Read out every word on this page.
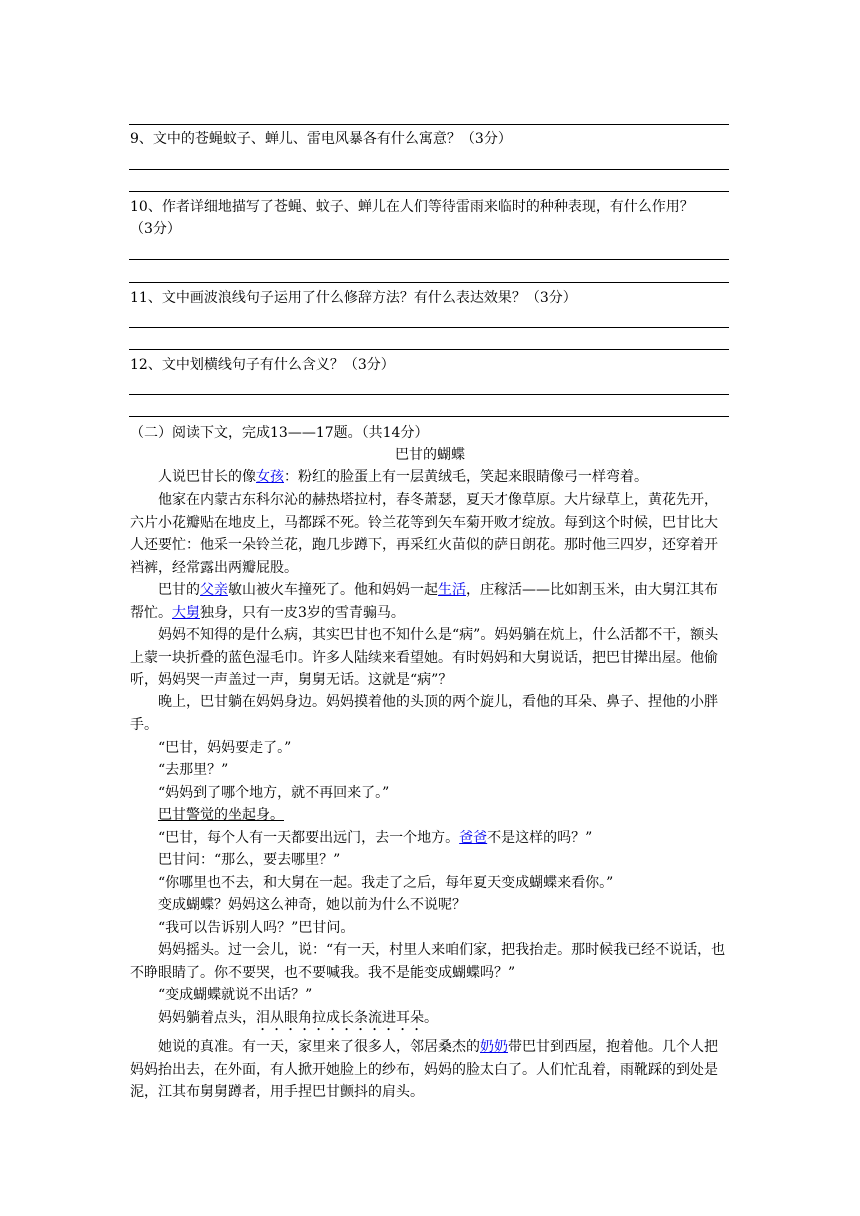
9、文中的苍蝇蚊子、蝉儿、雷电风暴各有什么寓意？（3分）
10、作者详细地描写了苍蝇、蚊子、蝉儿在人们等待雷雨来临时的种种表现，有什么作用？
（3分）
11、文中画波浪线句子运用了什么修辞方法？有什么表达效果？（3分）
12、文中划横线句子有什么含义？（3分）
（二）阅读下文，完成13——17题。（共14分）
巴甘的蝴蝶
人说巴甘长的像女孩：粉红的脸蛋上有一层黄绒毛，笑起来眼睛像弓一样弯着。
他家在内蒙古东科尔沁的赫热塔拉村，春冬萧瑟，夏天才像草原。大片绿草上，黄花先开，六片小花瓣贴在地皮上，马都踩不死。铃兰花等到矢车菊开败才绽放。每到这个时候，巴甘比大人还要忙：他采一朵铃兰花，跑几步蹲下，再采红火苗似的萨日朗花。那时他三四岁，还穿着开裆裤，经常露出两瓣屁股。
巴甘的父亲敏山被火车撞死了。他和妈妈一起生活，庄稼活——比如割玉米，由大舅江其布帮忙。大舅独身，只有一皮3岁的雪青骟马。
妈妈不知得的是什么病，其实巴甘也不知什么是“病”。妈妈躺在炕上，什么活都不干，额头上蒙一块折叠的蓝色湿毛巾。许多人陆续来看望她。有时妈妈和大舅说话，把巴甘撵出屋。他偷听，妈妈哭一声盖过一声，舅舅无话。这就是“病”？
晚上，巴甘躺在妈妈身边。妈妈摸着他的头顶的两个旋儿，看他的耳朵、鼻子、捏他的小胖手。
“巴甘，妈妈要走了。”
“去那里？”
“妈妈到了哪个地方，就不再回来了。”
巴甘警觉的坐起身。
“巴甘，每个人有一天都要出远门，去一个地方。爸爸不是这样的吗？”
巴甘问：“那么，要去哪里？”
“你哪里也不去，和大舅在一起。我走了之后，每年夏天变成蝴蝶来看你。”
变成蝴蝶？妈妈这么神奇，她以前为什么不说呢？
“我可以告诉别人吗？”巴甘问。
妈妈摇头。过一会儿，说：“有一天，村里人来咱们家，把我抬走。那时候我已经不说话，也不睁眼睛了。你不要哭，也不要喊我。我不是能变成蝴蝶吗？”
“变成蝴蝶就说不出话？”
妈妈躺着点头，泪从眼角拉成长条流进耳朵。
她说的真准。有一天，家里来了很多人，邻居桑杰的奶奶带巴甘到西屋，抱着他。几个人把妈妈抬出去，在外面，有人掀开她脸上的纱布，妈妈的脸太白了。人们忙乱着，雨靴踩的到处是泥，江其布舅舅蹲者，用手捏巴甘颤抖的肩头。
